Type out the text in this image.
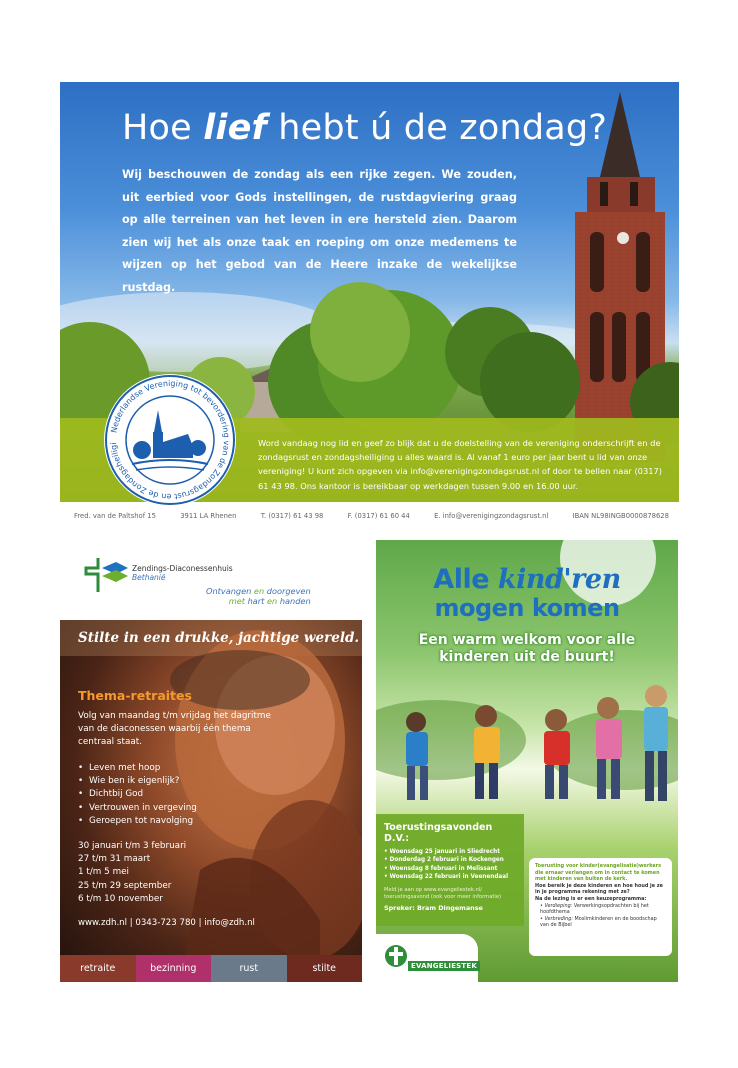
Hoe lief hebt ú de zondag?

Wij beschouwen de zondag als een rijke zegen. We zouden, uit eerbied voor Gods instellingen, de rustdagviering graag op alle terreinen van het leven in ere hersteld zien. Daarom zien wij het als onze taak en roeping om onze medemens te wijzen op het gebod van de Heere inzake de wekelijkse rustdag.

Word vandaag nog lid en geef zo blijk dat u de doelstelling van de vereniging onderschrijft en de zondagsrust en zondagsheiliging u alles waard is. Al vanaf 1 euro per jaar bent u lid van onze vereniging! U kunt zich opgeven via info@verenigingzondagsrust.nl of door te bellen naar (0317) 61 43 98. Ons kantoor is bereikbaar op werkdagen tussen 9.00 en 16.00 uur.

Nederlandse Vereniging tot bevordering van de Zondagsrust en de Zondagsheiligi
Fred. van de Paltshof 15	3911 LA Rhenen	T. (0317) 61 43 98	F. (0317) 61 60 44	E. info@verenigingzondagsrust.nl	IBAN NL98INGB0000878628
Zendings-Diaconessenhuis
Bethanië
Ontvangen en doorgeven
met hart en handen
Stilte in een drukke, jachtige wereld.
Thema-retraites

Volg van maandag t/m vrijdag het dagritme van de diaconessen waarbij één thema centraal staat.

• Leven met hoop
• Wie ben ik eigenlijk?
• Dichtbij God
• Vertrouwen in vergeving
• Geroepen tot navolging
30 januari t/m 3 februari
27 t/m 31 maart
1 t/m 5 mei
25 t/m 29 september
6 t/m 10 november
www.zdh.nl | 0343-723 780 | info@zdh.nl
retraite	bezinning	rust	stilte
Alle kind'ren
mogen komen
Een warm welkom voor alle kinderen uit de buurt!
Toerustingsavonden D.V.:
• Woensdag 25 januari in Sliedrecht
• Donderdag 2 februari in Kockengen
• Woensdag 8 februari in Melissant
• Woensdag 22 februari in Veenendaal
Meld je aan op www.evangeliestek.nl/ toerustingsavond (ook voor meer informatie)
Spreker: Bram Dingemanse
Toerusting voor kinder(evangelisatie)werkers die ernaar verlangen om in contact te komen met kinderen van buiten de kerk.
Hoe bereik je deze kinderen en hoe houd je ze in je programma rekening met ze?
Na de lezing is er een keuzeprogramma:
• Verdieping: Verwerkingsopdrachten bij het hoofdthema
• Verbreding: Moslimkinderen en de boodschap van de Bijbel
EVANGELIESTEK
